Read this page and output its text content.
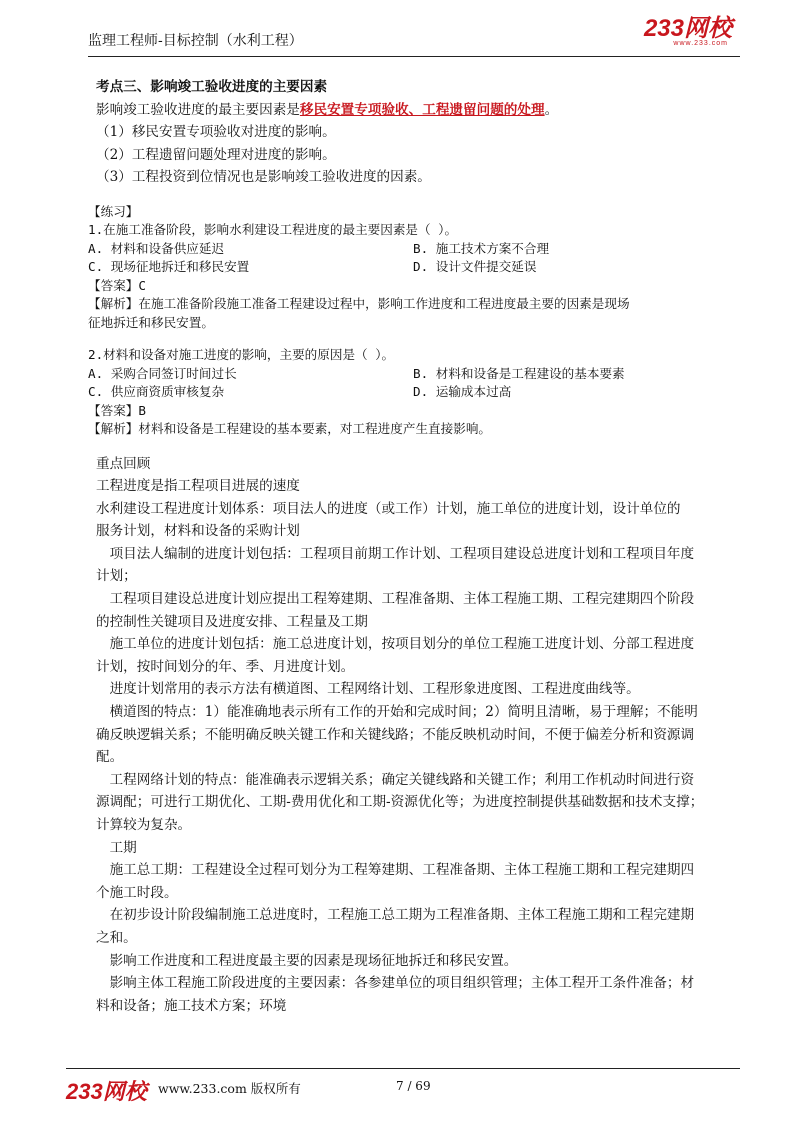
监理工程师-目标控制（水利工程）	233网校
www.233.com
考点三、影响竣工验收进度的主要因素
影响竣工验收进度的最主要因素是移民安置专项验收、工程遗留问题的处理。
（1）移民安置专项验收对进度的影响。
（2）工程遗留问题处理对进度的影响。
（3）工程投资到位情况也是影响竣工验收进度的因素。
【练习】
1.在施工准备阶段，影响水利建设工程进度的最主要因素是（ ）。
A. 材料和设备供应延迟	B. 施工技术方案不合理
C. 现场征地拆迁和移民安置	D. 设计文件提交延误
【答案】C
【解析】在施工准备阶段施工准备工程建设过程中，影响工作进度和工程进度最主要的因素是现场
征地拆迁和移民安置。
2.材料和设备对施工进度的影响，主要的原因是（ ）。
A. 采购合同签订时间过长	B. 材料和设备是工程建设的基本要素
C. 供应商资质审核复杂	D. 运输成本过高
【答案】B
【解析】材料和设备是工程建设的基本要素，对工程进度产生直接影响。

重点回顾

工程进度是指工程项目进展的速度

水利建设工程进度计划体系：项目法人的进度（或工作）计划，施工单位的进度计划，设计单位的

服务计划，材料和设备的采购计划

　项目法人编制的进度计划包括：工程项目前期工作计划、工程项目建设总进度计划和工程项目年度

计划；

　工程项目建设总进度计划应提出工程筹建期、工程准备期、主体工程施工期、工程完建期四个阶段

的控制性关键项目及进度安排、工程量及工期

　施工单位的进度计划包括：施工总进度计划，按项目划分的单位工程施工进度计划、分部工程进度

计划，按时间划分的年、季、月进度计划。

　进度计划常用的表示方法有横道图、工程网络计划、工程形象进度图、工程进度曲线等。

　横道图的特点：1）能准确地表示所有工作的开始和完成时间；2）简明且清晰，易于理解；不能明

确反映逻辑关系；不能明确反映关键工作和关键线路；不能反映机动时间，不便于偏差分析和资源调

配。

　工程网络计划的特点：能准确表示逻辑关系；确定关键线路和关键工作；利用工作机动时间进行资

源调配；可进行工期优化、工期-费用优化和工期-资源优化等；为进度控制提供基础数据和技术支撑；

计算较为复杂。

　工期

　施工总工期：工程建设全过程可划分为工程筹建期、工程准备期、主体工程施工期和工程完建期四

个施工时段。

　在初步设计阶段编制施工总进度时，工程施工总工期为工程准备期、主体工程施工期和工程完建期

之和。

　影响工作进度和工程进度最主要的因素是现场征地拆迁和移民安置。

　影响主体工程施工阶段进度的主要因素：各参建单位的项目组织管理；主体工程开工条件准备；材

料和设备；施工技术方案；环境

233网校 www.233.com 版权所有	7 / 69
